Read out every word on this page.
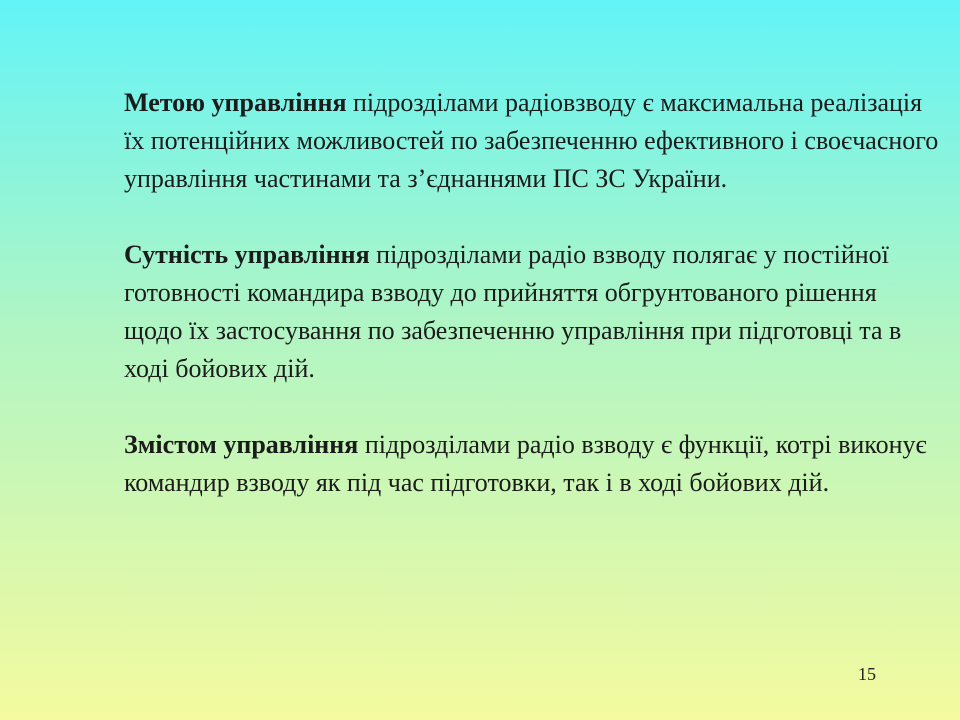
Метою управління підрозділами радіовзводу є максимальна реалізація їх потенційних можливостей по забезпеченню ефективного і своєчасного управління частинами та з’єднаннями ПС ЗС України.

Сутність управління підрозділами радіо взводу полягає у постійної готовності командира взводу до прийняття обгрунтованого рішення щодо їх застосування по забезпеченню управління при підготовці та в ході бойових дій.

Змістом управління підрозділами радіо взводу є функції, котрі виконує командир взводу як під час підготовки, так і в ході бойових дій.

15
